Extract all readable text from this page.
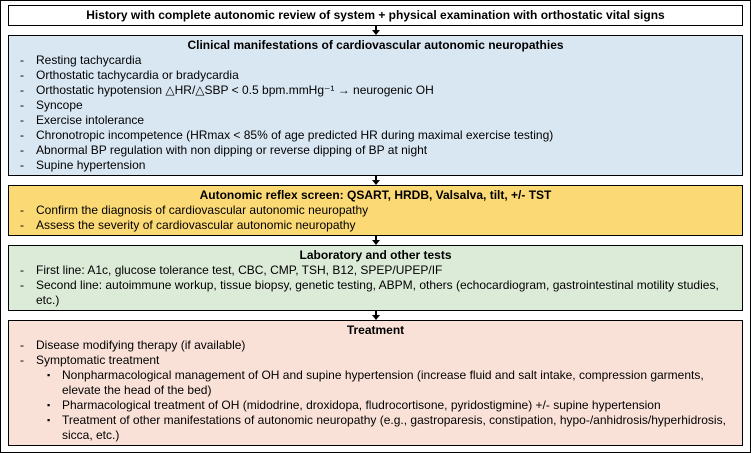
History with complete autonomic review of system + physical examination with orthostatic vital signs
Clinical manifestations of cardiovascular autonomic neuropathies
-	Resting tachycardia
-	Orthostatic tachycardia or bradycardia
-	Orthostatic hypotension △HR/△SBP < 0.5 bpm.mmHg⁻¹ → neurogenic OH
-	Syncope
-	Exercise intolerance
-	Chronotropic incompetence (HRmax < 85% of age predicted HR during maximal exercise testing)
-	Abnormal BP regulation with non dipping or reverse dipping of BP at night
-	Supine hypertension
Autonomic reflex screen: QSART, HRDB, Valsalva, tilt, +/- TST
-	Confirm the diagnosis of cardiovascular autonomic neuropathy
-	Assess the severity of cardiovascular autonomic neuropathy
Laboratory and other tests
-	First line: A1c, glucose tolerance test, CBC, CMP, TSH, B12, SPEP/UPEP/IF
-	Second line: autoimmune workup, tissue biopsy, genetic testing, ABPM, others (echocardiogram, gastrointestinal motility studies, etc.)
Treatment
-	Disease modifying therapy (if available)
-	Symptomatic treatment
▪ Nonpharmacological management of OH and supine hypertension (increase fluid and salt intake, compression garments, elevate the head of the bed)
▪ Pharmacological treatment of OH (midodrine, droxidopa, fludrocortisone, pyridostigmine) +/- supine hypertension
▪ Treatment of other manifestations of autonomic neuropathy (e.g., gastroparesis, constipation, hypo-/anhidrosis/hyperhidrosis, sicca, etc.)
